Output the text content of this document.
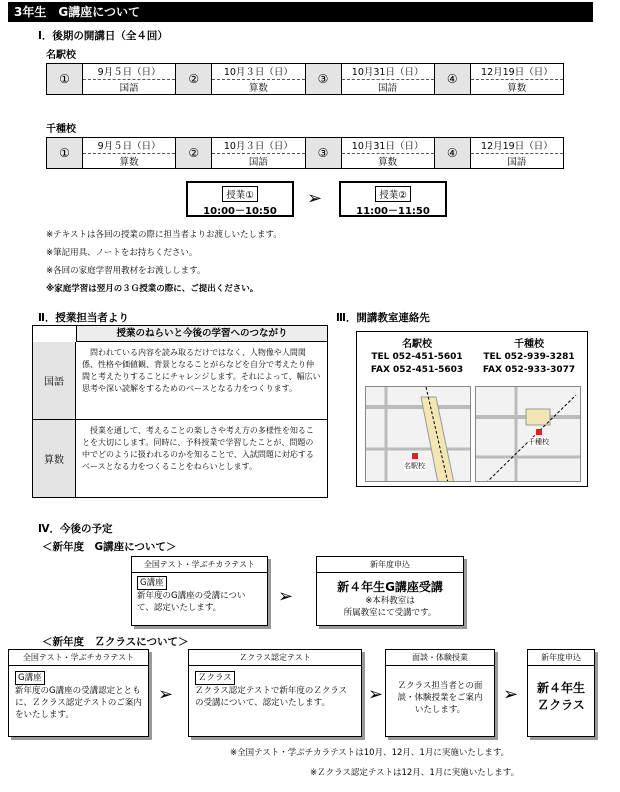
3年生　G講座について
Ⅰ．後期の開講日（全４回）
名駅校
①	9月５日（日）
国語
②	10月３日（日）
算数
③	10月31日（日）
国語
④	12月19日（日）
算数
千種校
①	9月５日（日）
算数
②	10月３日（日）
国語
③	10月31日（日）
算数
④	12月19日（日）
国語
授業①
10:00－10:50
➢	授業②
11:00－11:50
※テキストは各回の授業の際に担当者よりお渡しいたします。
※筆記用具、ノートをお持ちください。
※各回の家庭学習用教材をお渡しします。
※家庭学習は翌月の３Ｇ授業の際に、ご提出ください。
Ⅱ．授業担当者より
授業のねらいと今後の学習へのつながり
国語
問われている内容を読み取るだけではなく、人物像や人間関係、性格や価値観、背景となることがらなどを自分で考えたり仲間と考えたりすることにチャレンジします。それによって、幅広い思考や深い読解をするためのベースとなる力をつくります。
算数
授業を通して、考えることの楽しさや考え方の多様性を知ることを大切にします。同時に、予科授業で学習したことが、問題の中でどのように扱われるのかを知ることで、入試問題に対応するベースとなる力をつくることをねらいとします。
Ⅲ．開講教室連絡先
名駅校
TEL 052-451-5601
FAX 052-451-5603
千種校
TEL 052-939-3281
FAX 052-933-3077
名駅校
千種校
Ⅳ．今後の予定
＜新年度　G講座について＞
全国テスト・学ぶチカラテスト
G講座
新年度のG講座の受講について、認定いたします。
➢
新年度申込
新４年生G講座受講
※本科教室は
所属教室にて受講です。
＜新年度　Ｚクラスについて＞
全国テスト・学ぶチカラテスト
G講座
新年度のG講座の受講認定とともに、Ｚクラス認定テストのご案内をいたします。
➢
Ｚクラス認定テスト
Ｚクラス
Ｚクラス認定テストで新年度のＺクラスの受講について、認定いたします。	➢
面談・体験授業
Ｚクラス担当者との面談・体験授業をご案内いたします。
➢
新年度申込
新４年生
Ｚクラス
※全国テスト・学ぶチカラテストは10月、12月、1月に実施いたします。
※Ｚクラス認定テストは12月、1月に実施いたします。
